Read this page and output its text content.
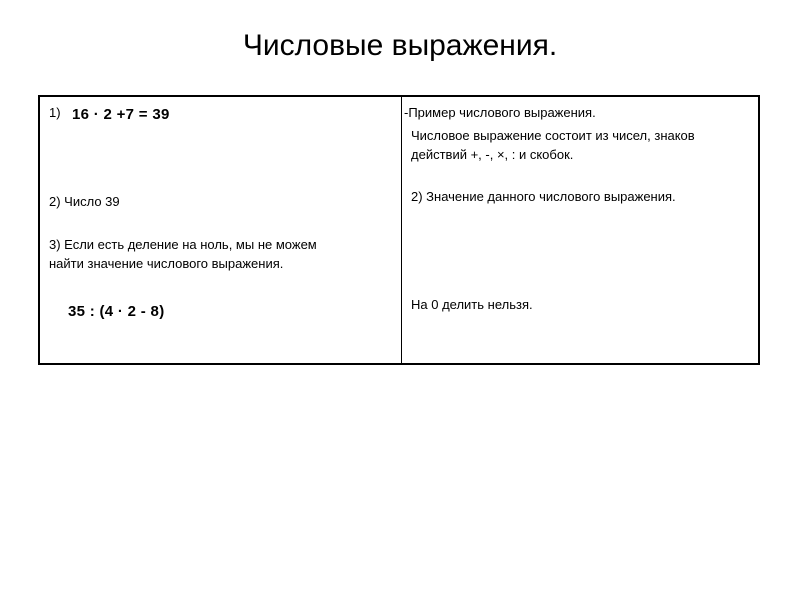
Числовые выражения.
1) 16 · 2 +7 = 39
2) Число 39
3) Если есть деление на ноль, мы не можем
найти значение числового выражения.
35 : (4 · 2 - 8)
-Пример числового выражения.
Числовое выражение состоит из чисел, знаков
действий +, -, ×, : и скобок.
2) Значение данного числового выражения.
На 0 делить нельзя.
